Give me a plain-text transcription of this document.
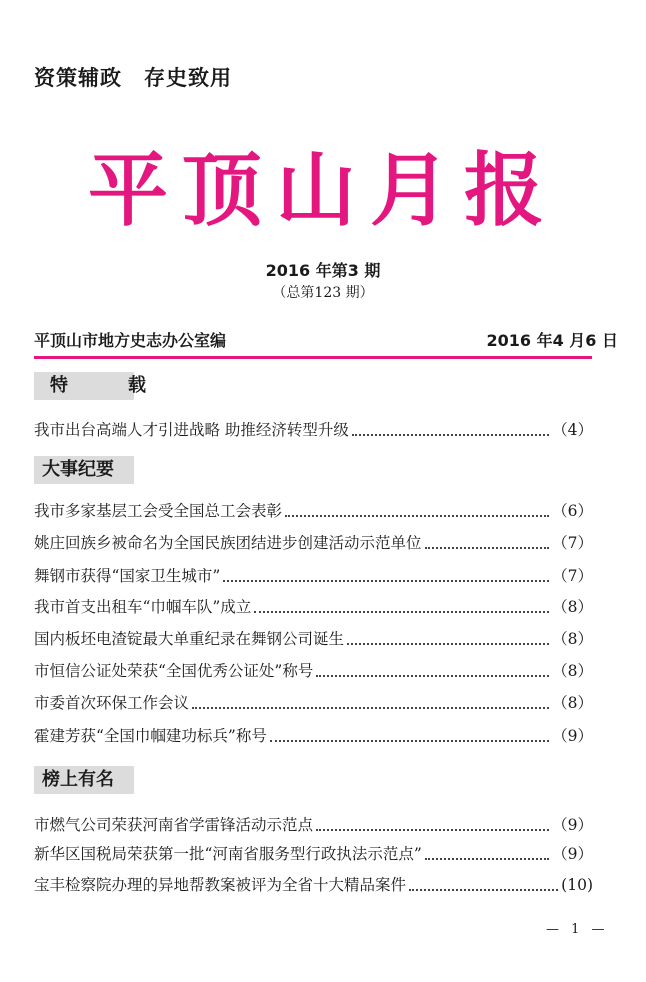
资策辅政　存史致用
平顶山月报
2016 年第3 期
（总第123 期）
平顶山市地方史志办公室编	2016 年4 月6 日
特	载
我市出台高端人才引进战略 助推经济转型升级	（4）
大事纪要
我市多家基层工会受全国总工会表彰	（6）
姚庄回族乡被命名为全国民族团结进步创建活动示范单位	（7）
舞钢市获得“国家卫生城市”	（7）
我市首支出租车“巾帼车队”成立	（8）
国内板坯电渣锭最大单重纪录在舞钢公司诞生	（8）
市恒信公证处荣获“全国优秀公证处”称号	（8）
市委首次环保工作会议	（8）
霍建芳获“全国巾帼建功标兵”称号	（9）
榜上有名
市燃气公司荣获河南省学雷锋活动示范点	（9）
新华区国税局荣获第一批“河南省服务型行政执法示范点”	（9）
宝丰检察院办理的异地帮教案被评为全省十大精品案件	(10)
— 1 —
